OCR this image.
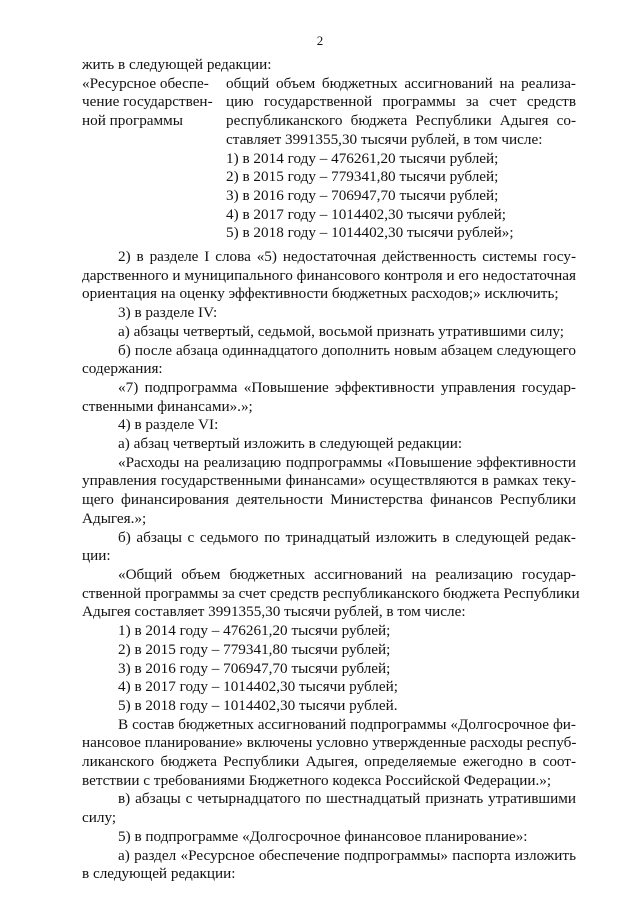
2
жить в следующей редакции:
«Ресурсное обеспе-
чение государствен-
ной программы
общий объем бюджетных ассигнований на реализа-
цию государственной программы за счет средств
республиканского бюджета Республики Адыгея со-
ставляет 3991355,30 тысячи рублей, в том числе:
1) в 2014 году – 476261,20 тысячи рублей;
2) в 2015 году – 779341,80 тысячи рублей;
3) в 2016 году – 706947,70 тысячи рублей;
4) в 2017 году – 1014402,30 тысячи рублей;
5) в 2018 году – 1014402,30 тысячи рублей»;
2) в разделе I слова «5) недостаточная действенность системы госу-
дарственного и муниципального финансового контроля и его недостаточная
ориентация на оценку эффективности бюджетных расходов;» исключить;
3) в разделе IV:
а) абзацы четвертый, седьмой, восьмой признать утратившими силу;
б) после абзаца одиннадцатого дополнить новым абзацем следующего
содержания:
«7) подпрограмма «Повышение эффективности управления государ-
ственными финансами».»;
4) в разделе VI:
а) абзац четвертый изложить в следующей редакции:
«Расходы на реализацию подпрограммы «Повышение эффективности
управления государственными финансами» осуществляются в рамках теку-
щего финансирования деятельности Министерства финансов Республики
Адыгея.»;
б) абзацы с седьмого по тринадцатый изложить в следующей редак-
ции:
«Общий объем бюджетных ассигнований на реализацию государ-
ственной программы за счет средств республиканского бюджета Республики
Адыгея составляет 3991355,30 тысячи рублей, в том числе:
1) в 2014 году – 476261,20 тысячи рублей;
2) в 2015 году – 779341,80 тысячи рублей;
3) в 2016 году – 706947,70 тысячи рублей;
4) в 2017 году – 1014402,30 тысячи рублей;
5) в 2018 году – 1014402,30 тысячи рублей.
В состав бюджетных ассигнований подпрограммы «Долгосрочное фи-
нансовое планирование» включены условно утвержденные расходы респуб-
ликанского бюджета Республики Адыгея, определяемые ежегодно в соот-
ветствии с требованиями Бюджетного кодекса Российской Федерации.»;
в) абзацы с четырнадцатого по шестнадцатый признать утратившими
силу;
5) в подпрограмме «Долгосрочное финансовое планирование»:
а) раздел «Ресурсное обеспечение подпрограммы» паспорта изложить
в следующей редакции:
